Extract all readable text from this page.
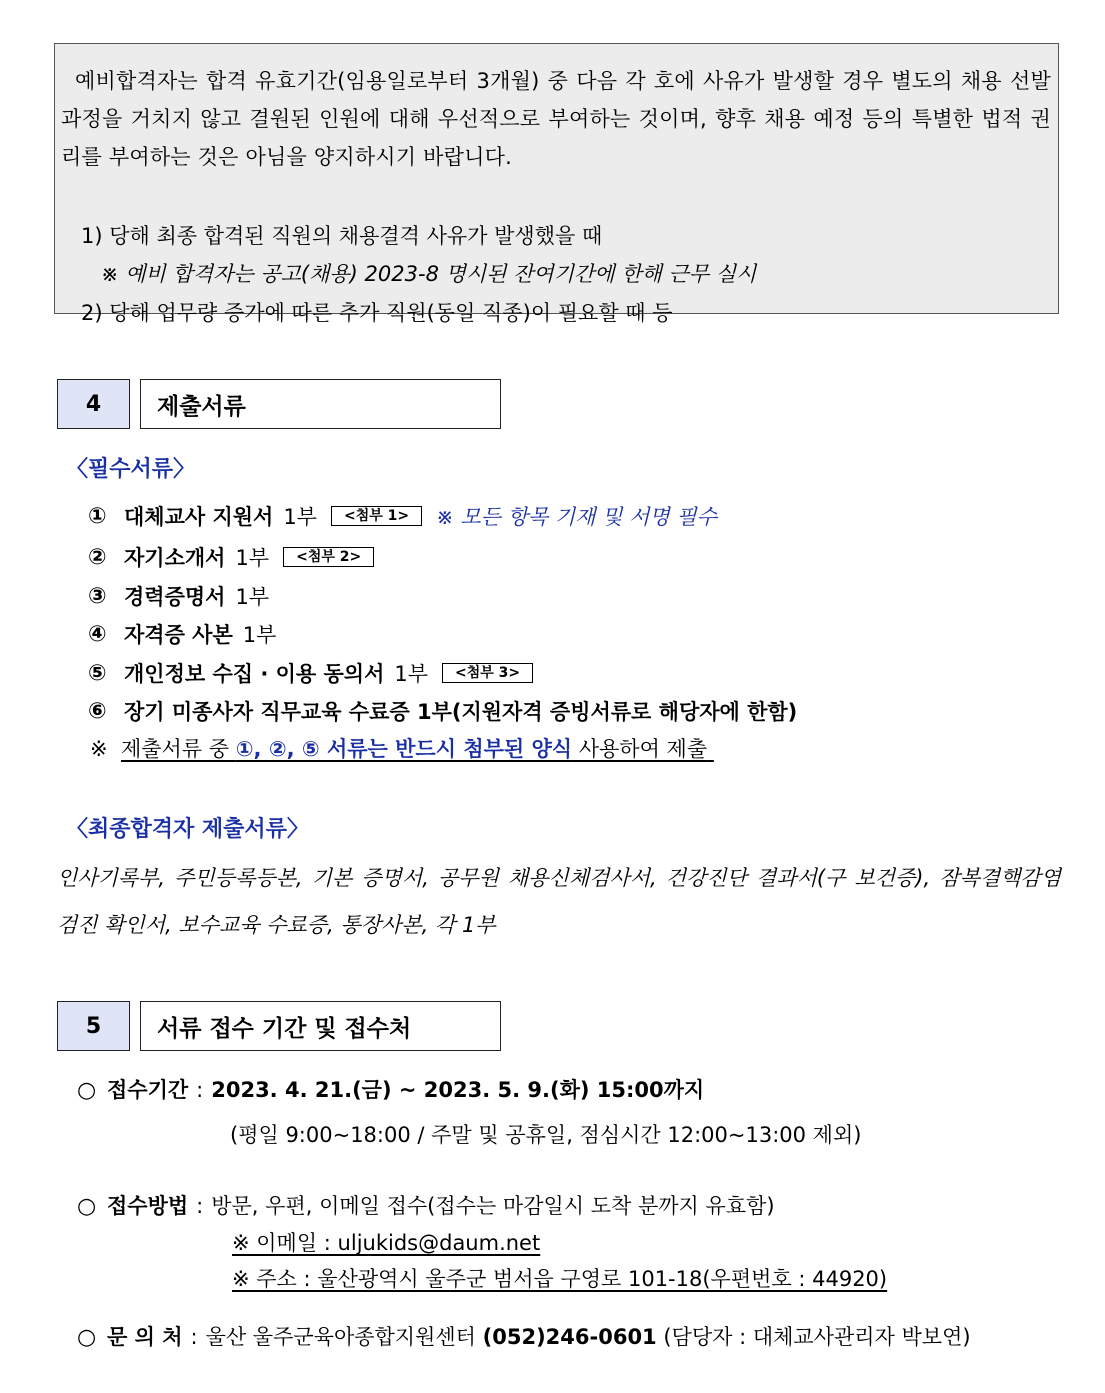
예비합격자는 합격 유효기간(임용일로부터 3개월) 중 다음 각 호에 사유가 발생할 경우 별도의 채용 선발과정을 거치지 않고 결원된 인원에 대해 우선적으로 부여하는 것이며, 향후 채용 예정 등의 특별한 법적 권리를 부여하는 것은 아님을 양지하시기 바랍니다.
1) 당해 최종 합격된 직원의 채용결격 사유가 발생했을 때
※ 예비 합격자는 공고(채용) 2023-8 명시된 잔여기간에 한해 근무 실시
2) 당해 업무량 증가에 따른 추가 직원(동일 직종)이 필요할 때 등
4	제출서류
〈필수서류〉
① 대체교사 지원서 1부	<첨부 1>	※ 모든 항목 기재 및 서명 필수
② 자기소개서 1부	<첨부 2>
③ 경력증명서 1부
④ 자격증 사본 1부
⑤ 개인정보 수집 · 이용 동의서 1부	<첨부 3>
⑥ 장기 미종사자 직무교육 수료증 1부(지원자격 증빙서류로 해당자에 한함)
※ 제출서류 중 ①, ②, ⑤ 서류는 반드시 첨부된 양식 사용하여 제출
〈최종합격자 제출서류〉
인사기록부, 주민등록등본, 기본 증명서, 공무원 채용신체검사서, 건강진단 결과서(구 보건증), 잠복결핵감염 검진 확인서, 보수교육 수료증, 통장사본, 각 1부
5	서류 접수 기간 및 접수처
○ 접수기간 : 2023. 4. 21.(금) ~ 2023. 5. 9.(화) 15:00까지
(평일 9:00~18:00 / 주말 및 공휴일, 점심시간 12:00~13:00 제외)
○ 접수방법 : 방문, 우편, 이메일 접수(접수는 마감일시 도착 분까지 유효함)
※ 이메일 : uljukids@daum.net
※ 주소 : 울산광역시 울주군 범서읍 구영로 101-18(우편번호 : 44920)
○ 문 의 처 : 울산 울주군육아종합지원센터 (052)246-0601 (담당자 : 대체교사관리자 박보연)
